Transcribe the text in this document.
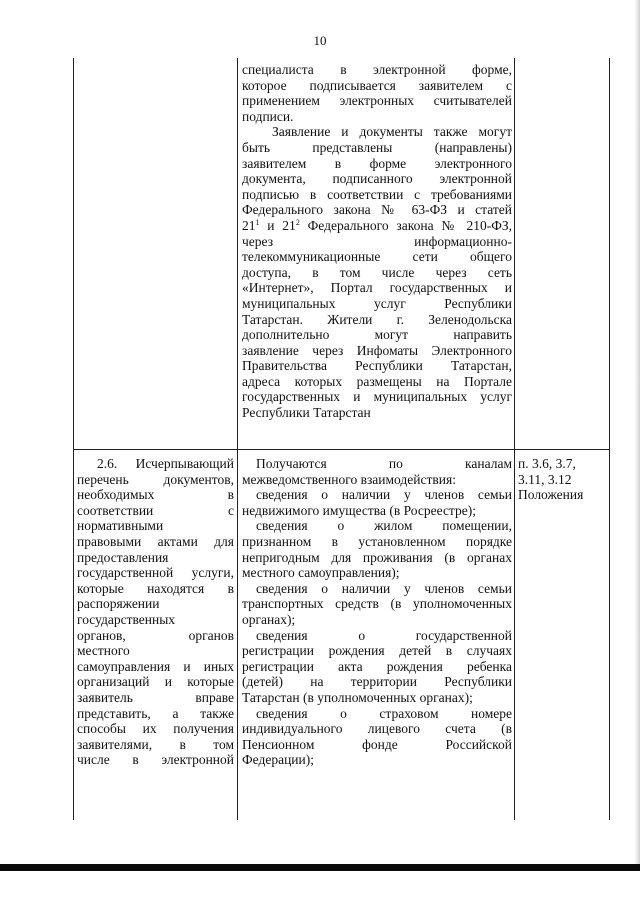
10
специалиста в электронной форме,
которое подписывается заявителем с
применением электронных считывателей
подписи.
Заявление и документы также могут
быть представлены (направлены)
заявителем в форме электронного
документа, подписанного электронной
подписью в соответствии с требованиями
Федерального закона № 63-ФЗ и статей
$21^1$ и $21^2$ Федерального закона № 210-ФЗ,
через информационно-
телекоммуникационные сети общего
доступа, в том числе через сеть
«Интернет», Портал государственных и
муниципальных услуг Республики
Татарстан. Жители г. Зеленодольска
дополнительно могут направить
заявление через Инфоматы Электронного
Правительства Республики Татарстан,
адреса которых размещены на Портале
государственных и муниципальных услуг
Республики Татарстан
2.6. Исчерпывающий
перечень документов,
необходимых в
соответствии с
нормативными
правовыми актами для
предоставления
государственной услуги,
которые находятся в
распоряжении
государственных
органов, органов
местного
самоуправления и иных
организаций и которые
заявитель вправе
представить, а также
способы их получения
заявителями, в том
числе в электронной
Получаются по каналам
межведомственного взаимодействия:
сведения о наличии у членов семьи
недвижимого имущества (в Росреестре);
сведения о жилом помещении,
признанном в установленном порядке
непригодным для проживания (в органах
местного самоуправления);
сведения о наличии у членов семьи
транспортных средств (в уполномоченных
органах);
сведения о государственной
регистрации рождения детей в случаях
регистрации акта рождения ребенка
(детей) на территории Республики
Татарстан (в уполномоченных органах);
сведения о страховом номере
индивидуального лицевого счета (в
Пенсионном фонде Российской
Федерации);
п. 3.6, 3.7,
3.11, 3.12
Положения
